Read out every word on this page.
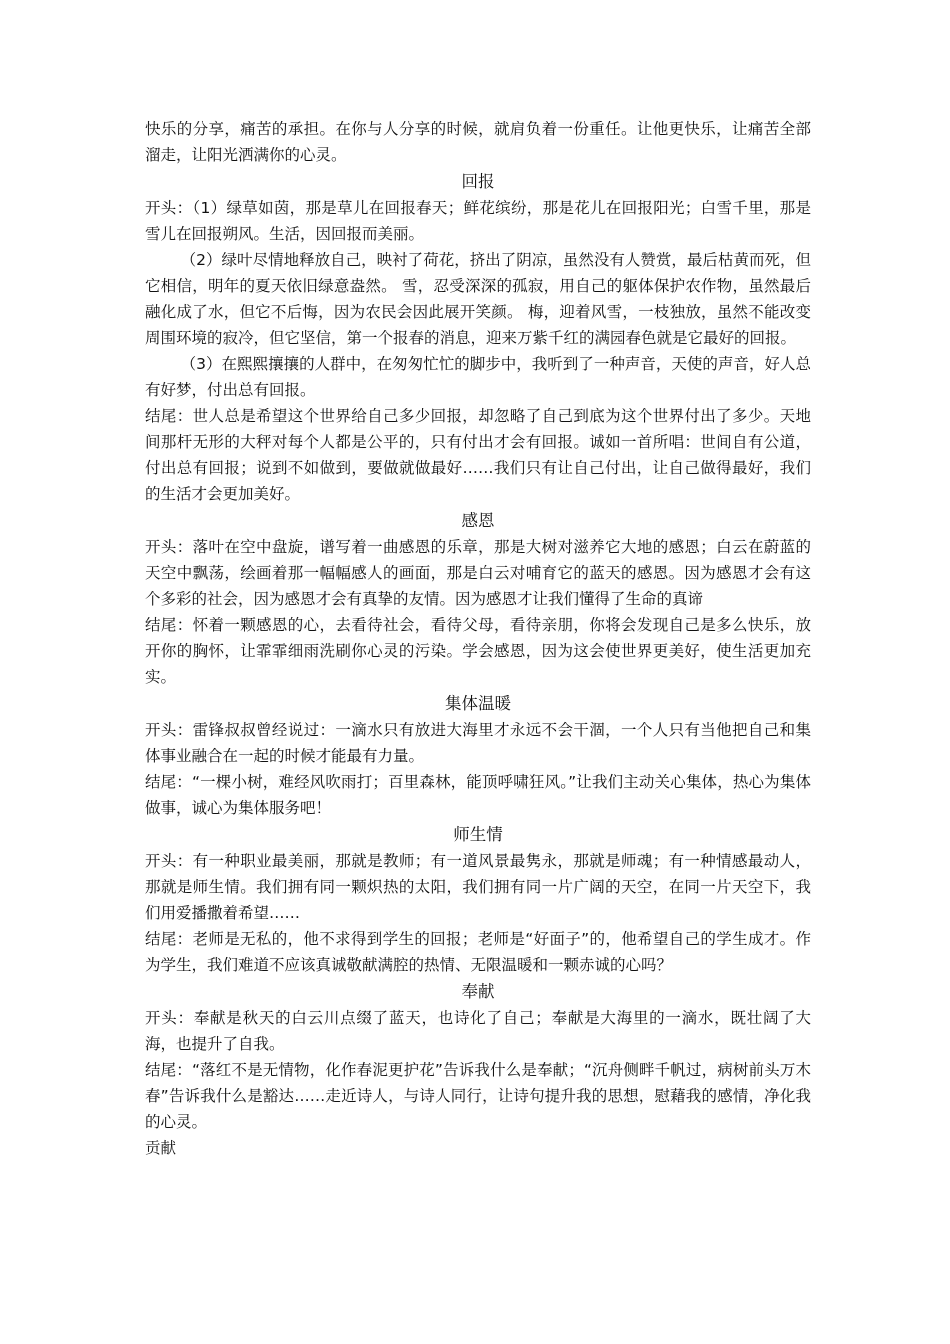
快乐的分享，痛苦的承担。在你与人分享的时候，就肩负着一份重任。让他更快乐，让痛苦全部溜走，让阳光洒满你的心灵。

回报

开头：（1）绿草如茵，那是草儿在回报春天；鲜花缤纷，那是花儿在回报阳光；白雪千里，那是雪儿在回报朔风。生活，因回报而美丽。

（2）绿叶尽情地释放自己，映衬了荷花，挤出了阴凉，虽然没有人赞赏，最后枯黄而死，但它相信，明年的夏天依旧绿意盎然。 雪，忍受深深的孤寂，用自己的躯体保护农作物，虽然最后融化成了水，但它不后悔，因为农民会因此展开笑颜。 梅，迎着风雪，一枝独放，虽然不能改变周围环境的寂冷，但它坚信，第一个报春的消息，迎来万紫千红的满园春色就是它最好的回报。

（3）在熙熙攘攘的人群中，在匆匆忙忙的脚步中，我听到了一种声音，天使的声音，好人总有好梦，付出总有回报。

结尾：世人总是希望这个世界给自己多少回报，却忽略了自己到底为这个世界付出了多少。天地间那杆无形的大秤对每个人都是公平的，只有付出才会有回报。诚如一首所唱：世间自有公道，付出总有回报；说到不如做到，要做就做最好……我们只有让自己付出，让自己做得最好，我们的生活才会更加美好。

感恩

开头：落叶在空中盘旋，谱写着一曲感恩的乐章，那是大树对滋养它大地的感恩；白云在蔚蓝的天空中飘荡，绘画着那一幅幅感人的画面，那是白云对哺育它的蓝天的感恩。因为感恩才会有这个多彩的社会，因为感恩才会有真挚的友情。因为感恩才让我们懂得了生命的真谛

结尾：怀着一颗感恩的心，去看待社会，看待父母，看待亲朋，你将会发现自己是多么快乐，放开你的胸怀，让霏霏细雨洗刷你心灵的污染。学会感恩，因为这会使世界更美好，使生活更加充实。

集体温暖

开头：雷锋叔叔曾经说过：一滴水只有放进大海里才永远不会干涸，一个人只有当他把自己和集体事业融合在一起的时候才能最有力量。

结尾：“一棵小树，难经风吹雨打；百里森林，能顶呼啸狂风。”让我们主动关心集体，热心为集体做事，诚心为集体服务吧！

师生情

开头：有一种职业最美丽，那就是教师；有一道风景最隽永，那就是师魂；有一种情感最动人，那就是师生情。我们拥有同一颗炽热的太阳，我们拥有同一片广阔的天空，在同一片天空下，我们用爱播撒着希望……

结尾：老师是无私的，他不求得到学生的回报；老师是“好面子”的，他希望自己的学生成才。作为学生，我们难道不应该真诚敬献满腔的热情、无限温暖和一颗赤诚的心吗？

奉献

开头：奉献是秋天的白云川点缀了蓝天，也诗化了自己；奉献是大海里的一滴水，既壮阔了大海，也提升了自我。

结尾：“落红不是无情物，化作春泥更护花”告诉我什么是奉献；“沉舟侧畔千帆过，病树前头万木春”告诉我什么是豁达……走近诗人，与诗人同行，让诗句提升我的思想，慰藉我的感情，净化我的心灵。

贡献
